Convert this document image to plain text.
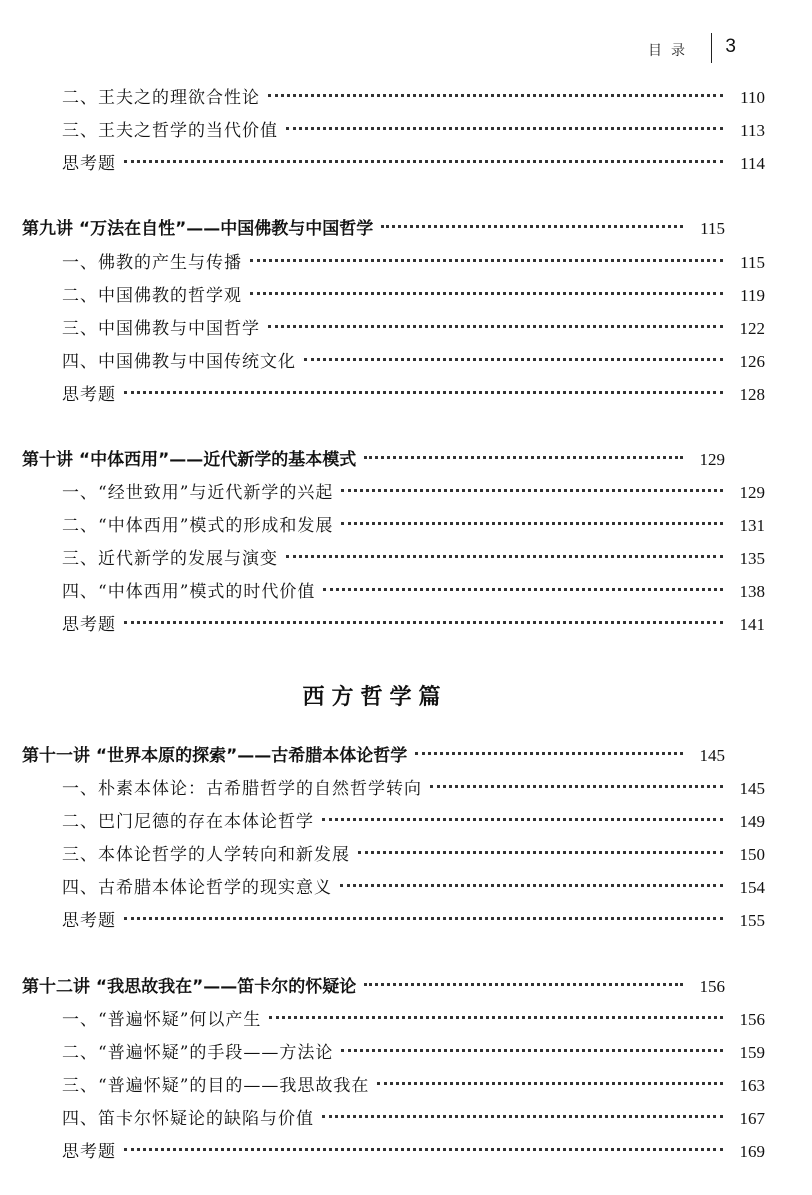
目录 3
二、王夫之的理欲合性论	110
三、王夫之哲学的当代价值	113
思考题	114
第九讲 “万法在自性”——中国佛教与中国哲学	115
一、佛教的产生与传播	115
二、中国佛教的哲学观	119
三、中国佛教与中国哲学	122
四、中国佛教与中国传统文化	126
思考题	128
第十讲 “中体西用”——近代新学的基本模式	129
一、“经世致用”与近代新学的兴起	129
二、“中体西用”模式的形成和发展	131
三、近代新学的发展与演变	135
四、“中体西用”模式的时代价值	138
思考题	141
第十一讲 “世界本原的探索”——古希腊本体论哲学	145
一、朴素本体论：古希腊哲学的自然哲学转向	145
二、巴门尼德的存在本体论哲学	149
三、本体论哲学的人学转向和新发展	150
四、古希腊本体论哲学的现实意义	154
思考题	155
第十二讲 “我思故我在”——笛卡尔的怀疑论	156
一、“普遍怀疑”何以产生	156
二、“普遍怀疑”的手段——方法论	159
三、“普遍怀疑”的目的——我思故我在	163
四、笛卡尔怀疑论的缺陷与价值	167
思考题	169
西方哲学篇
